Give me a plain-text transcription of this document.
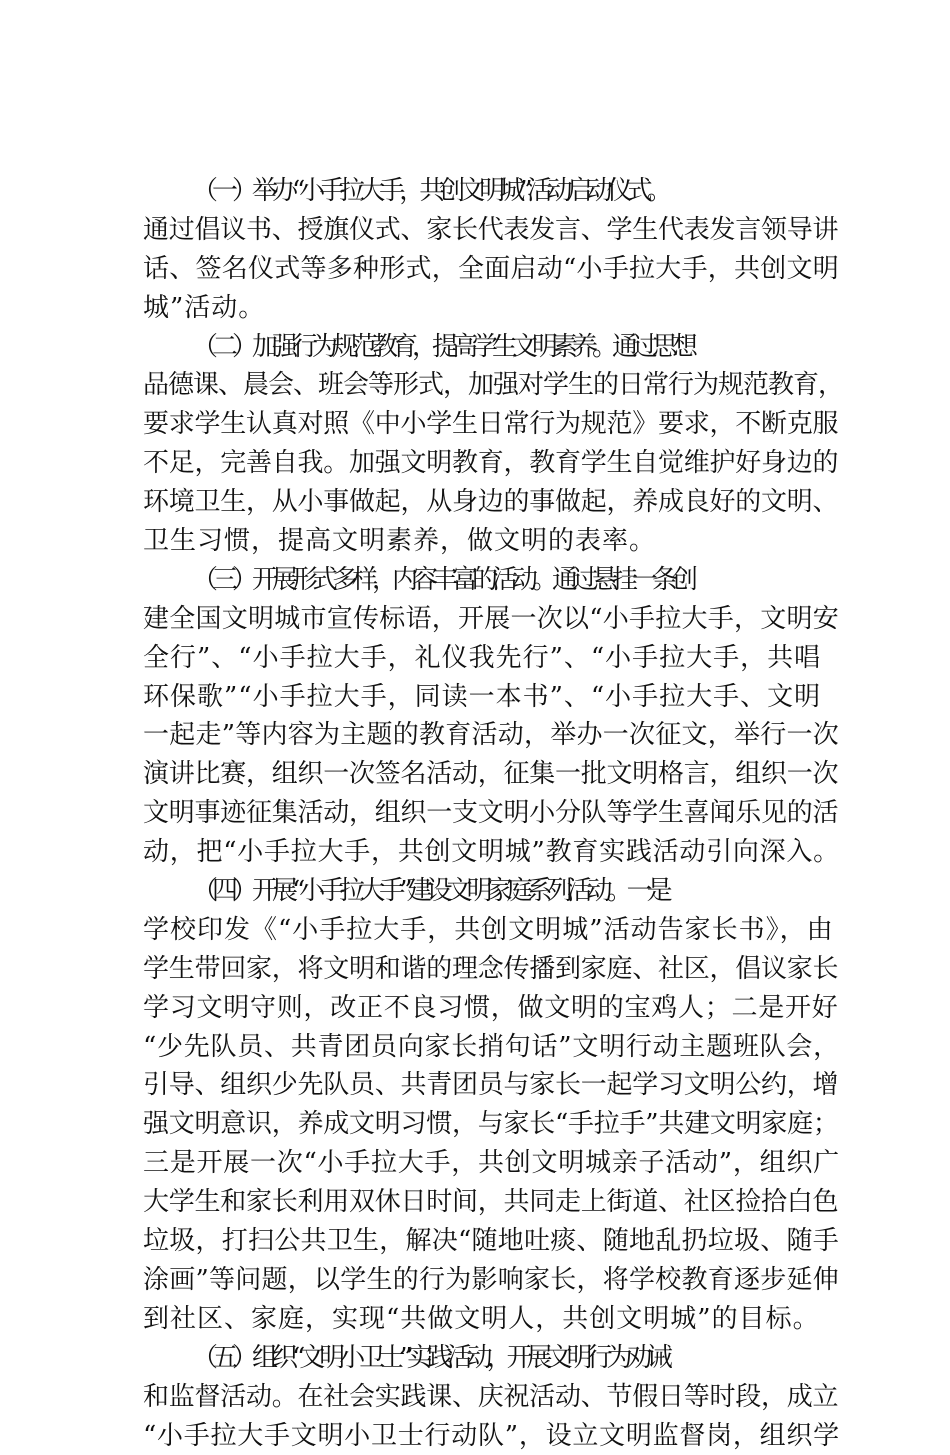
（一）举办“小手拉大手，共创文明城”活动启动仪式。
通过倡议书、授旗仪式、家长代表发言、学生代表发言领导讲
话、签名仪式等多种形式，全面启动“小手拉大手，共创文明
城”活动。
（二）加强行为规范教育，提高学生文明素养。通过思想
品德课、晨会、班会等形式，加强对学生的日常行为规范教育，
要求学生认真对照《中小学生日常行为规范》要求，不断克服
不足，完善自我。加强文明教育，教育学生自觉维护好身边的
环境卫生，从小事做起，从身边的事做起，养成良好的文明、
卫生习惯，提高文明素养，做文明的表率。
（三）开展形式多样，内容丰富的活动。通过悬挂一条创
建全国文明城市宣传标语，开展一次以“小手拉大手，文明安
全行”、“小手拉大手，礼仪我先行”、“小手拉大手，共唱
环保歌”“小手拉大手，同读一本书”、“小手拉大手、文明
一起走”等内容为主题的教育活动，举办一次征文，举行一次
演讲比赛，组织一次签名活动，征集一批文明格言，组织一次
文明事迹征集活动，组织一支文明小分队等学生喜闻乐见的活
动，把“小手拉大手，共创文明城”教育实践活动引向深入。
（四）开展“小手拉大手”建设文明家庭系列活动。一是
学校印发《“小手拉大手，共创文明城”活动告家长书》，由
学生带回家，将文明和谐的理念传播到家庭、社区，倡议家长
学习文明守则，改正不良习惯，做文明的宝鸡人；二是开好
“少先队员、共青团员向家长捎句话”文明行动主题班队会，
引导、组织少先队员、共青团员与家长一起学习文明公约，增
强文明意识，养成文明习惯，与家长“手拉手”共建文明家庭；
三是开展一次“小手拉大手，共创文明城亲子活动”，组织广
大学生和家长利用双休日时间，共同走上街道、社区捡拾白色
垃圾，打扫公共卫生，解决“随地吐痰、随地乱扔垃圾、随手
涂画”等问题，以学生的行为影响家长，将学校教育逐步延伸
到社区、家庭，实现“共做文明人，共创文明城”的目标。
（五）组织“文明小卫士”实践活动，开展文明行为劝诫
和监督活动。在社会实践课、庆祝活动、节假日等时段，成立
“小手拉大手文明小卫士行动队”，设立文明监督岗，组织学
